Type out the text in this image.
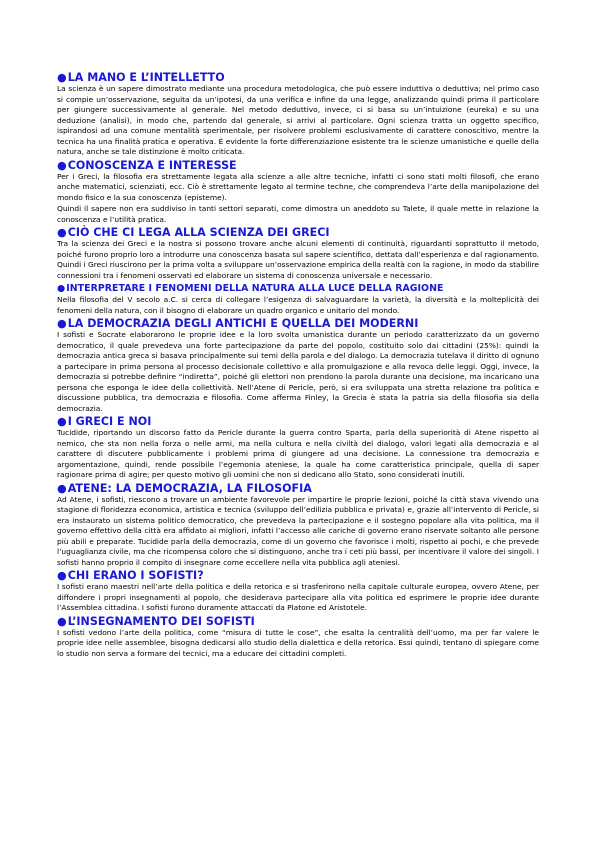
●LA MANO E L’INTELLETTO

La scienza è un sapere dimostrato mediante una procedura metodologica, che può essere induttiva o deduttiva; nel primo caso si compie un’osservazione, seguita da un’ipotesi, da una verifica e infine da una legge, analizzando quindi prima il particolare per giungere successivamente al generale. Nel metodo deduttivo, invece, ci si basa su un’intuizione (eureka) e su una deduzione (analisi), in modo che, partendo dal generale, si arrivi al particolare. Ogni scienza tratta un oggetto specifico, ispirandosi ad una comune mentalità sperimentale, per risolvere problemi esclusivamente di carattere conoscitivo, mentre la tecnica ha una finalità pratica e operativa. È evidente la forte differenziazione esistente tra le scienze umanistiche e quelle della natura, anche se tale distinzione è molto criticata.

●CONOSCENZA E INTERESSE

Per i Greci, la filosofia era strettamente legata alla scienze a alle altre tecniche, infatti ci sono stati molti filosofi, che erano anche matematici, scienziati, ecc. Ciò è strettamente legato al termine techne, che comprendeva l’arte della manipolazione del mondo fisico e la sua conoscenza (episteme).

Quindi il sapere non era suddiviso in tanti settori separati, come dimostra un aneddoto su Talete, il quale mette in relazione la conoscenza e l’utilità pratica.

●CIÒ CHE CI LEGA ALLA SCIENZA DEI GRECI

Tra la scienza dei Greci e la nostra si possono trovare anche alcuni elementi di continuità, riguardanti soprattutto il metodo, poiché furono proprio loro a introdurre una conoscenza basata sul sapere scientifico, dettata dall’esperienza e dal ragionamento. Quindi i Greci riuscirono per la prima volta a sviluppare un’osservazione empirica della realtà con la ragione, in modo da stabilire connessioni tra i fenomeni osservati ed elaborare un sistema di conoscenza universale e necessario.

●INTERPRETARE I FENOMENI DELLA NATURA ALLA LUCE DELLA RAGIONE

Nella filosofia del V secolo a.C. si cerca di collegare l’esigenza di salvaguardare la varietà, la diversità e la molteplicità dei fenomeni della natura, con il bisogno di elaborare un quadro organico e unitario del mondo.

●LA DEMOCRAZIA DEGLI ANTICHI E QUELLA DEI MODERNI

I sofisti e Socrate elaborarono le proprie idee e la loro svolta umanistica durante un periodo caratterizzato da un governo democratico, il quale prevedeva una forte partecipazione da parte del popolo, costituito solo dai cittadini (25%): quindi la democrazia antica greca si basava principalmente sui temi della parola e del dialogo. La democrazia tutelava il diritto di ognuno a partecipare in prima persona al processo decisionale collettivo e alla promulgazione e alla revoca delle leggi. Oggi, invece, la democrazia si potrebbe definire “indiretta”, poiché gli elettori non prendono la parola durante una decisione, ma incaricano una persona che esponga le idee della collettività. Nell’Atene di Pericle, però, si era sviluppata una stretta relazione tra politica e discussione pubblica, tra democrazia e filosofia. Come afferma Finley, la Grecia è stata la patria sia della filosofia sia della democrazia.

●I GRECI E NOI

Tucidide, riportando un discorso fatto da Pericle durante la guerra contro Sparta, parla della superiorità di Atene rispetto al nemico, che sta non nella forza o nelle armi, ma nella cultura e nella civiltà del dialogo, valori legati alla democrazia e al carattere di discutere pubblicamente i problemi prima di giungere ad una decisione. La connessione tra democrazia e argomentazione, quindi, rende possibile l’egemonia ateniese, la quale ha come caratteristica principale, quella di saper ragionare prima di agire; per questo motivo gli uomini che non si dedicano allo Stato, sono considerati inutili.

●ATENE: LA DEMOCRAZIA, LA FILOSOFIA

Ad Atene, i sofisti, riescono a trovare un ambiente favorevole per impartire le proprie lezioni, poiché la città stava vivendo una stagione di floridezza economica, artistica e tecnica (sviluppo dell’edilizia pubblica e privata) e, grazie all’intervento di Pericle, si era instaurato un sistema politico democratico, che prevedeva la partecipazione e il sostegno popolare alla vita politica, ma il governo effettivo della città era affidato ai migliori, infatti l’accesso alle cariche di governo erano riservate soltanto alle persone più abili e preparate. Tucidide parla della democrazia, come di un governo che favorisce i molti, rispetto ai pochi, e che prevede l’uguaglianza civile, ma che ricompensa coloro che si distinguono, anche tra i ceti più bassi, per incentivare il valore dei singoli. I sofisti hanno proprio il compito di insegnare come eccellere nella vita pubblica agli ateniesi.

●CHI ERANO I SOFISTI?

I sofisti erano maestri nell’arte della politica e della retorica e si trasferirono nella capitale culturale europea, ovvero Atene, per diffondere i propri insegnamenti al popolo, che desiderava partecipare alla vita politica ed esprimere le proprie idee durante l’Assemblea cittadina. I sofisti furono duramente attaccati da Platone ed Aristotele.

●L’INSEGNAMENTO DEI SOFISTI

I sofisti vedono l’arte della politica, come “misura di tutte le cose”, che esalta la centralità dell’uomo, ma per far valere le proprie idee nelle assemblee, bisogna dedicarsi allo studio della dialettica e della retorica. Essi quindi, tentano di spiegare come lo studio non serva a formare dei tecnici, ma a educare dei cittadini completi.
